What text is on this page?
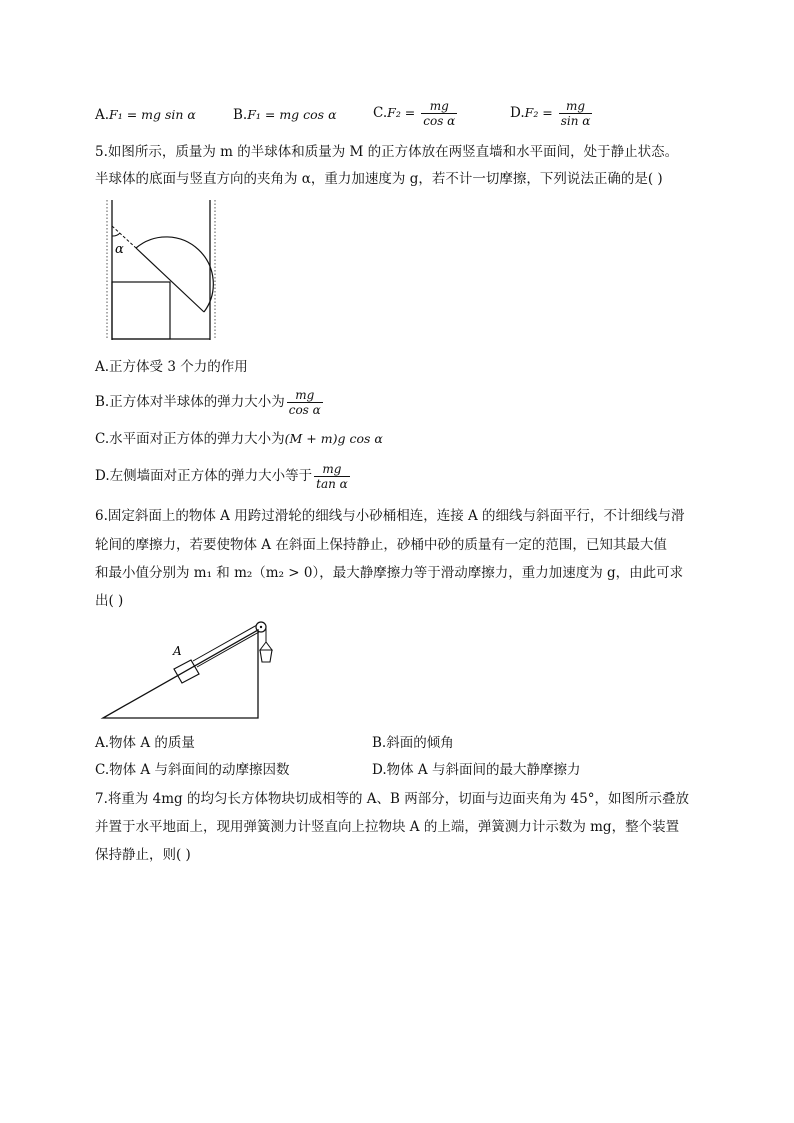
A.F₁ = mg sin α	B.F₁ = mg cos α	$C.F_2 = \frac{mg}{\text{cos α}}$	$D.F_2 = \frac{mg}{\text{sin α}}$
5.如图所示，质量为 m 的半球体和质量为 M 的正方体放在两竖直墙和水平面间，处于静止状态。
半球体的底面与竖直方向的夹角为 α，重力加速度为 g，若不计一切摩擦，下列说法正确的是( )
α
A.正方体受 3 个力的作用
B.正方体对半球体的弹力大小为 $\frac{mg}{\text{cos α}}$
C.水平面对正方体的弹力大小为(M + m)g cos α
D.左侧墙面对正方体的弹力大小等于 $\frac{mg}{\text{tan α}}$
6.固定斜面上的物体 A 用跨过滑轮的细线与小砂桶相连，连接 A 的细线与斜面平行，不计细线与滑
轮间的摩擦力，若要使物体 A 在斜面上保持静止，砂桶中砂的质量有一定的范围，已知其最大值
和最小值分别为 m₁ 和 m₂（m₂ > 0），最大静摩擦力等于滑动摩擦力，重力加速度为 g，由此可求
出( )
A
A.物体 A 的质量	B.斜面的倾角
C.物体 A 与斜面间的动摩擦因数	D.物体 A 与斜面间的最大静摩擦力
7.将重为 4mg 的均匀长方体物块切成相等的 A、B 两部分，切面与边面夹角为 45°，如图所示叠放
并置于水平地面上，现用弹簧测力计竖直向上拉物块 A 的上端，弹簧测力计示数为 mg，整个装置
保持静止，则( )
